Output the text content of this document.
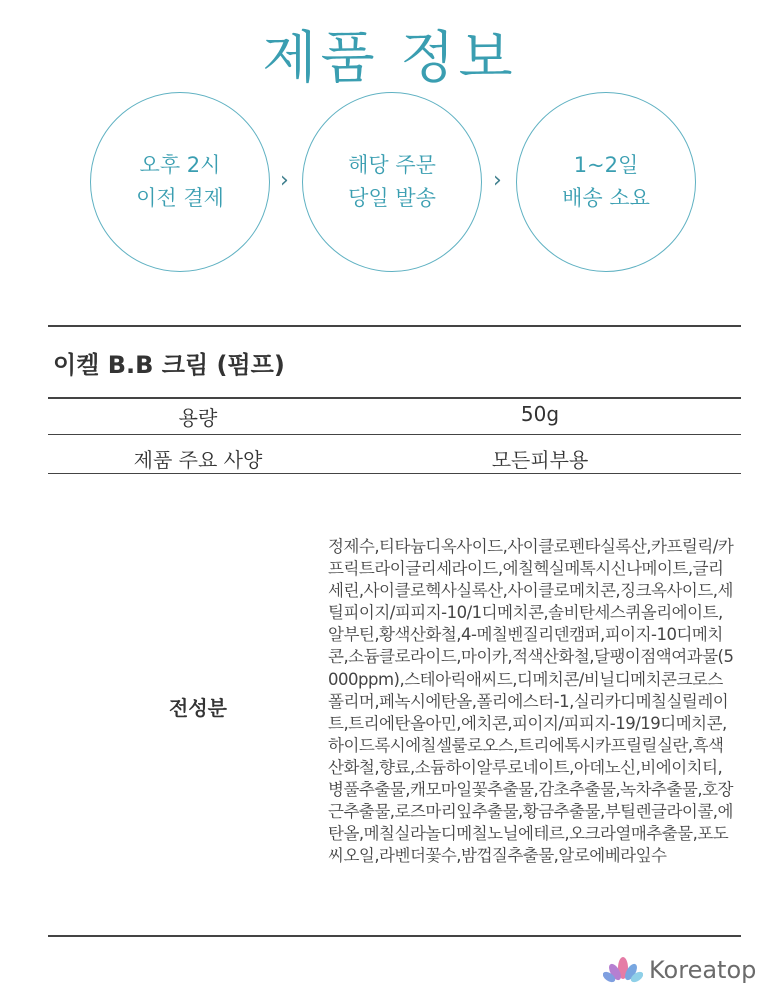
제품 정보
오후 2시
이전 결제
›
해당 주문
당일 발송
›
1~2일
배송 소요
이켈 B.B 크림 (펌프)
용량	50g
제품 주요 사양	모든피부용
전성분
정제수,티타늄디옥사이드,사이클로펜타실록산,카프릴릭/카프릭트라이글리세라이드,에칠헥실메톡시신나메이트,글리세린,사이클로헥사실록산,사이클로메치콘,징크옥사이드,세틸피이지/피피지-10/1디메치콘,솔비탄세스퀴올리에이트,알부틴,황색산화철,4-메칠벤질리덴캠퍼,피이지-10디메치콘,소듐클로라이드,마이카,적색산화철,달팽이점액여과물(5000ppm),스테아릭애씨드,디메치콘/비닐디메치콘크로스폴리머,페녹시에탄올,폴리에스터-1,실리카디메칠실릴레이트,트리에탄올아민,에치콘,피이지/피피지-19/19디메치콘,하이드록시에칠셀룰로오스,트리에톡시카프릴릴실란,흑색산화철,향료,소듐하이알루로네이트,아데노신,비에이치티,병풀추출물,캐모마일꽃추출물,감초추출물,녹차추출물,호장근추출물,로즈마리잎추출물,황금추출물,부틸렌글라이콜,에탄올,메칠실라놀디메칠노닐에테르,오크라열매추출물,포도씨오일,라벤더꽃수,밤껍질추출물,알로에베라잎수
Koreatop
